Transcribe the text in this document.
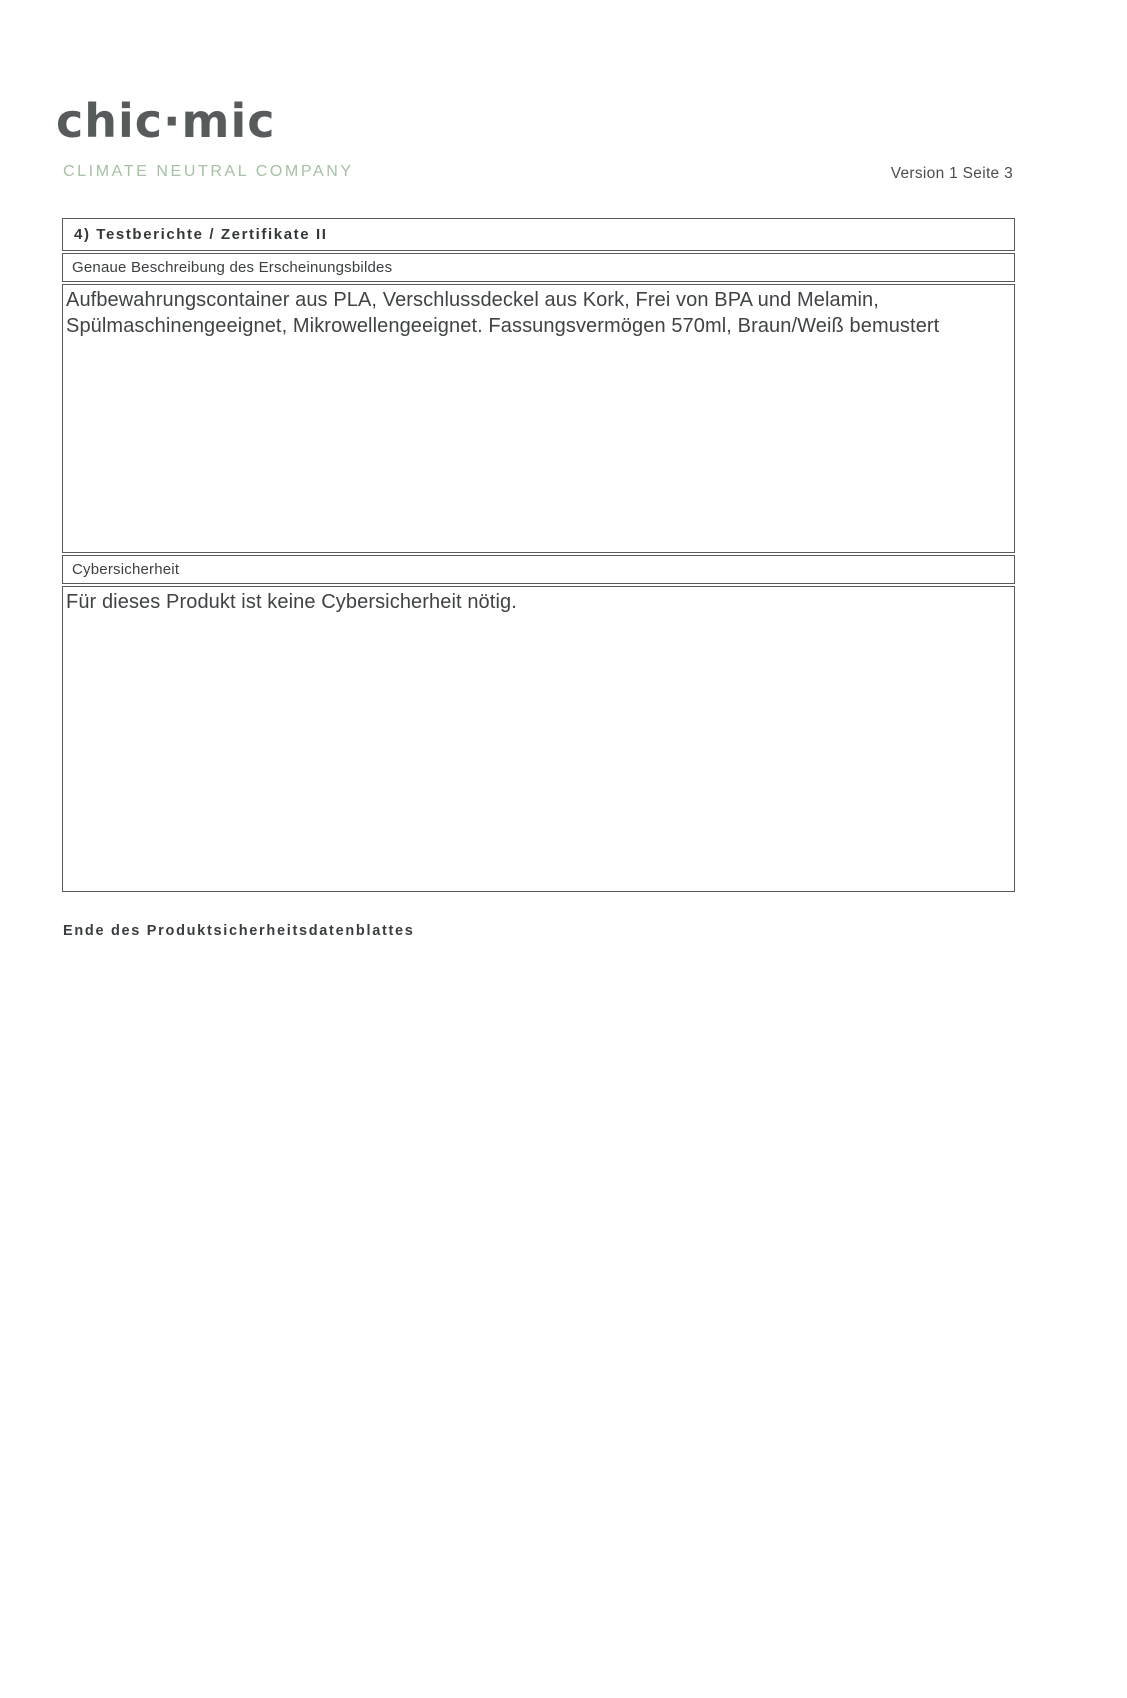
chic·mic
CLIMATE NEUTRAL COMPANY	Version 1 Seite 3
4) Testberichte / Zertifikate II
Genaue Beschreibung des Erscheinungsbildes
Aufbewahrungscontainer aus PLA, Verschlussdeckel aus Kork, Frei von BPA und Melamin, Spülmaschinengeeignet, Mikrowellengeeignet. Fassungsvermögen 570ml, Braun/Weiß bemustert
Cybersicherheit
Für dieses Produkt ist keine Cybersicherheit nötig.
Ende des Produktsicherheitsdatenblattes
